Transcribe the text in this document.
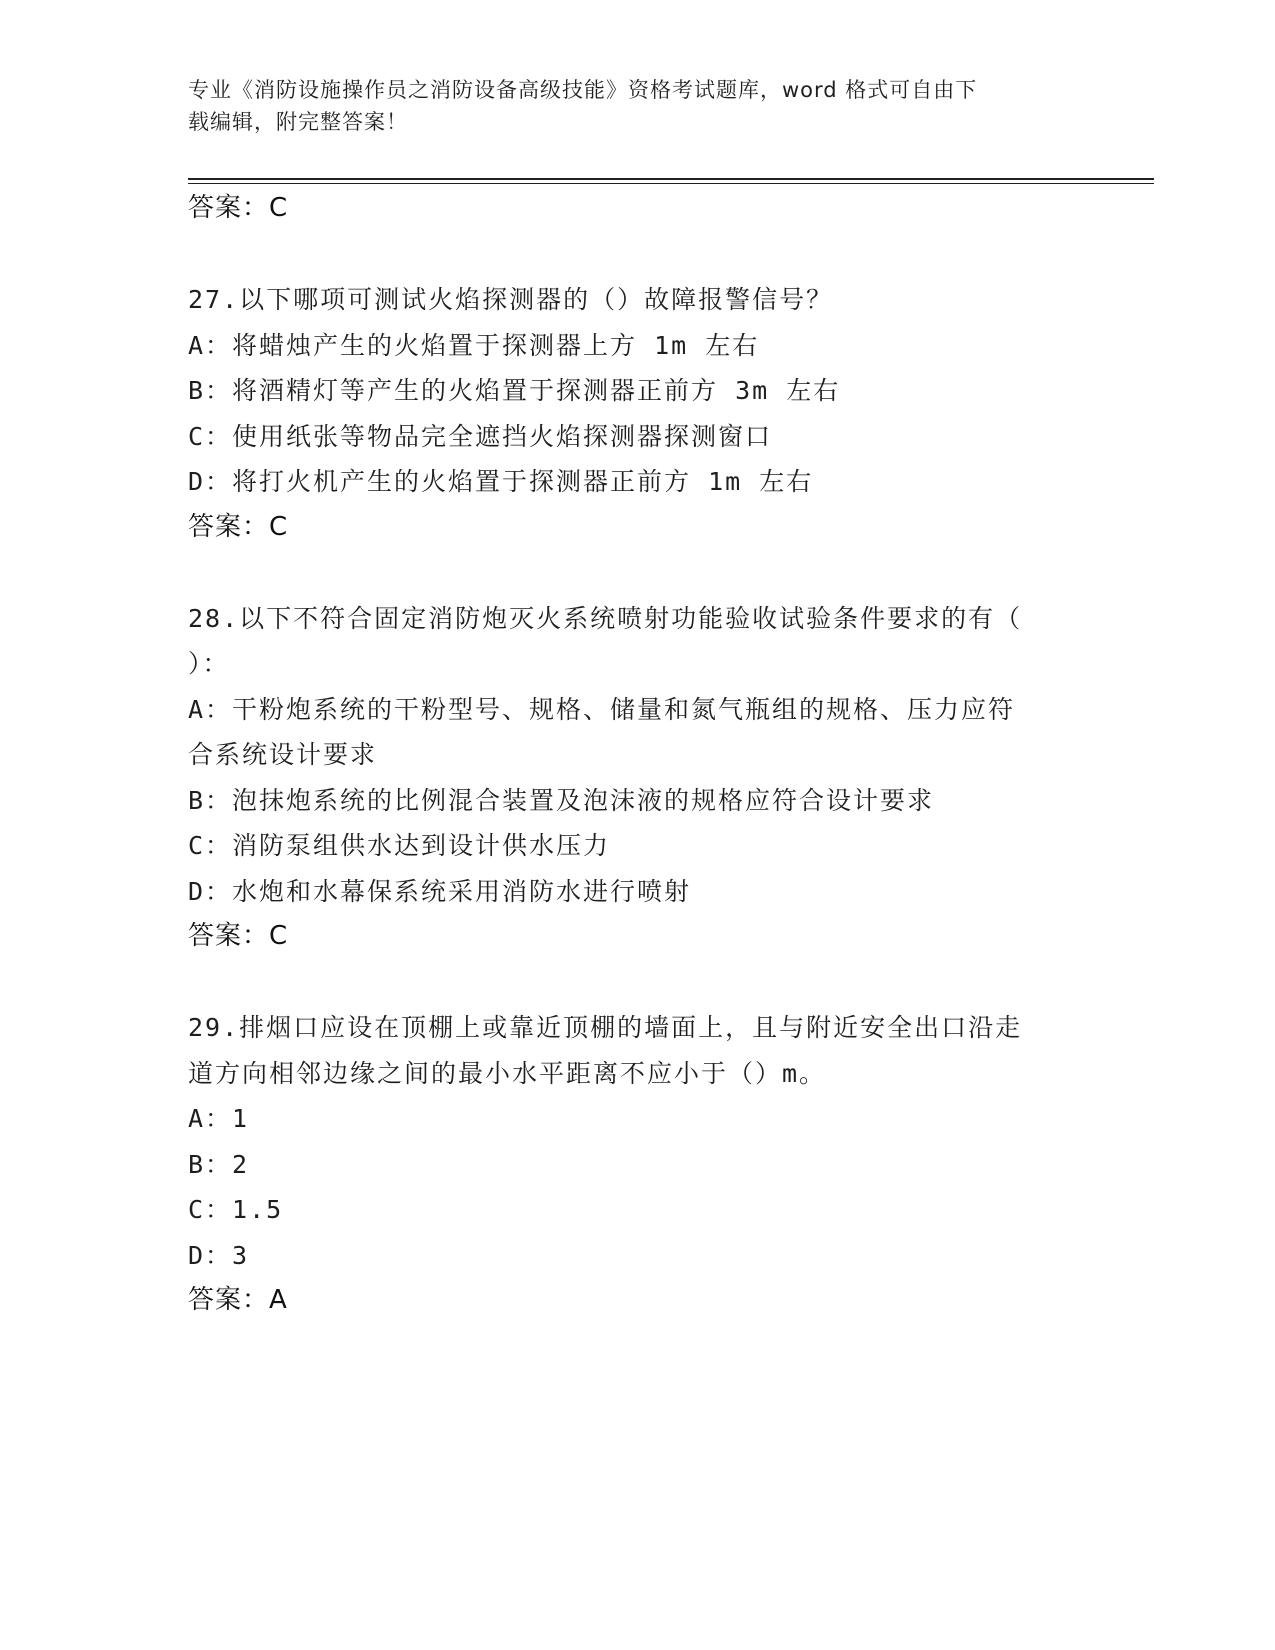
专业《消防设施操作员之消防设备高级技能》资格考试题库，word 格式可自由下
载编辑，附完整答案！
答案：C
27.以下哪项可测试火焰探测器的（）故障报警信号？
A：将蜡烛产生的火焰置于探测器上方 1m 左右
B：将酒精灯等产生的火焰置于探测器正前方 3m 左右
C：使用纸张等物品完全遮挡火焰探测器探测窗口
D：将打火机产生的火焰置于探测器正前方 1m 左右
答案：C
28.以下不符合固定消防炮灭火系统喷射功能验收试验条件要求的有（
）：
A：干粉炮系统的干粉型号、规格、储量和氮气瓶组的规格、压力应符
合系统设计要求
B：泡抹炮系统的比例混合装置及泡沫液的规格应符合设计要求
C：消防泵组供水达到设计供水压力
D：水炮和水幕保系统采用消防水进行喷射
答案：C
29.排烟口应设在顶棚上或靠近顶棚的墙面上，且与附近安全出口沿走
道方向相邻边缘之间的最小水平距离不应小于（）m。
A：1
B：2
C：1.5
D：3
答案：A
